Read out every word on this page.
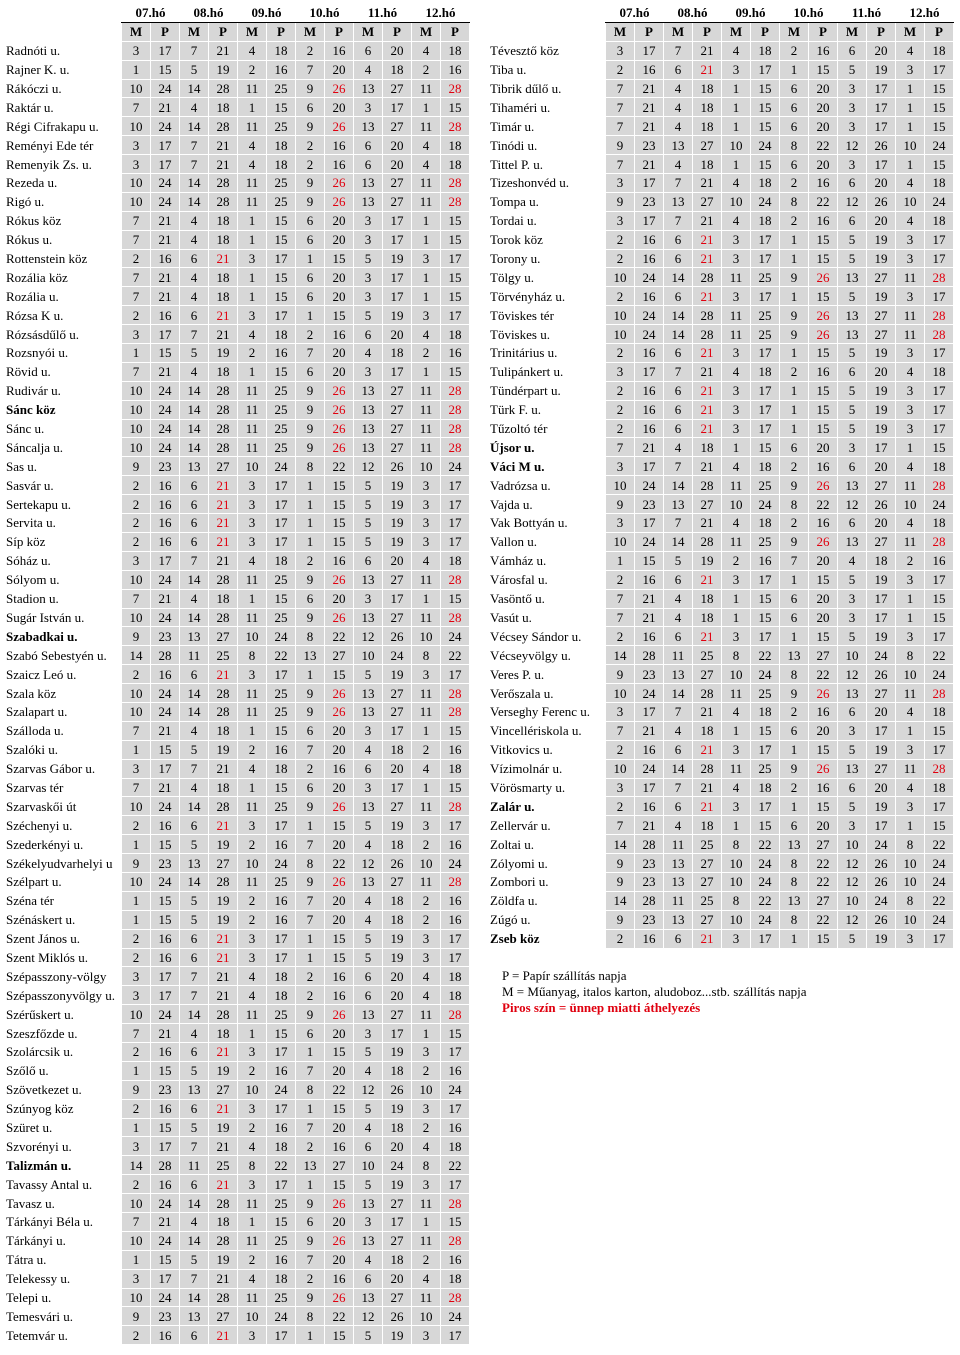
	07.hó		08.hó		09.hó		10.hó		11.hó		12.hó	
	M	P	M	P	M	P	M	P	M	P	M	P
Radnóti u.	3	17	7	21	4	18	2	16	6	20	4	18
Rajner K. u.	1	15	5	19	2	16	7	20	4	18	2	16
Rákóczi u.	10	24	14	28	11	25	9	26	13	27	11	28
Raktár u.	7	21	4	18	1	15	6	20	3	17	1	15
Régi Cifrakapu u.	10	24	14	28	11	25	9	26	13	27	11	28
Reményi Ede tér	3	17	7	21	4	18	2	16	6	20	4	18
Remenyik Zs. u.	3	17	7	21	4	18	2	16	6	20	4	18
Rezeda u.	10	24	14	28	11	25	9	26	13	27	11	28
Rigó u.	10	24	14	28	11	25	9	26	13	27	11	28
Rókus köz	7	21	4	18	1	15	6	20	3	17	1	15
Rókus u.	7	21	4	18	1	15	6	20	3	17	1	15
Rottenstein köz	2	16	6	21	3	17	1	15	5	19	3	17
Rozália köz	7	21	4	18	1	15	6	20	3	17	1	15
Rozália u.	7	21	4	18	1	15	6	20	3	17	1	15
Rózsa K u.	2	16	6	21	3	17	1	15	5	19	3	17
Rózsásdűlő u.	3	17	7	21	4	18	2	16	6	20	4	18
Rozsnyói u.	1	15	5	19	2	16	7	20	4	18	2	16
Rövid u.	7	21	4	18	1	15	6	20	3	17	1	15
Rudivár u.	10	24	14	28	11	25	9	26	13	27	11	28
Sánc köz	10	24	14	28	11	25	9	26	13	27	11	28
Sánc u.	10	24	14	28	11	25	9	26	13	27	11	28
Sáncalja u.	10	24	14	28	11	25	9	26	13	27	11	28
Sas u.	9	23	13	27	10	24	8	22	12	26	10	24
Sasvár u.	2	16	6	21	3	17	1	15	5	19	3	17
Sertekapu u.	2	16	6	21	3	17	1	15	5	19	3	17
Servita u.	2	16	6	21	3	17	1	15	5	19	3	17
Síp köz	2	16	6	21	3	17	1	15	5	19	3	17
Sóház u.	3	17	7	21	4	18	2	16	6	20	4	18
Sólyom u.	10	24	14	28	11	25	9	26	13	27	11	28
Stadion u.	7	21	4	18	1	15	6	20	3	17	1	15
Sugár István u.	10	24	14	28	11	25	9	26	13	27	11	28
Szabadkai u.	9	23	13	27	10	24	8	22	12	26	10	24
Szabó Sebestyén u.	14	28	11	25	8	22	13	27	10	24	8	22
Szaicz Leó u.	2	16	6	21	3	17	1	15	5	19	3	17
Szala köz	10	24	14	28	11	25	9	26	13	27	11	28
Szalapart u.	10	24	14	28	11	25	9	26	13	27	11	28
Szálloda u.	7	21	4	18	1	15	6	20	3	17	1	15
Szalóki u.	1	15	5	19	2	16	7	20	4	18	2	16
Szarvas Gábor u.	3	17	7	21	4	18	2	16	6	20	4	18
Szarvas tér	7	21	4	18	1	15	6	20	3	17	1	15
Szarvaskői út	10	24	14	28	11	25	9	26	13	27	11	28
Széchenyi u.	2	16	6	21	3	17	1	15	5	19	3	17
Szederkényi u.	1	15	5	19	2	16	7	20	4	18	2	16
Székelyudvarhelyi u	9	23	13	27	10	24	8	22	12	26	10	24
Szélpart u.	10	24	14	28	11	25	9	26	13	27	11	28
Széna tér	1	15	5	19	2	16	7	20	4	18	2	16
Szénáskert u.	1	15	5	19	2	16	7	20	4	18	2	16
Szent János u.	2	16	6	21	3	17	1	15	5	19	3	17
Szent Miklós u.	2	16	6	21	3	17	1	15	5	19	3	17
Szépasszony-völgy	3	17	7	21	4	18	2	16	6	20	4	18
Szépasszonyvölgy u.	3	17	7	21	4	18	2	16	6	20	4	18
Szérűskert u.	10	24	14	28	11	25	9	26	13	27	11	28
Szeszfőzde u.	7	21	4	18	1	15	6	20	3	17	1	15
Szolárcsik u.	2	16	6	21	3	17	1	15	5	19	3	17
Szőlő u.	1	15	5	19	2	16	7	20	4	18	2	16
Szövetkezet u.	9	23	13	27	10	24	8	22	12	26	10	24
Szúnyog köz	2	16	6	21	3	17	1	15	5	19	3	17
Szüret u.	1	15	5	19	2	16	7	20	4	18	2	16
Szvorényi u.	3	17	7	21	4	18	2	16	6	20	4	18
Talizmán u.	14	28	11	25	8	22	13	27	10	24	8	22
Tavassy Antal u.	2	16	6	21	3	17	1	15	5	19	3	17
Tavasz u.	10	24	14	28	11	25	9	26	13	27	11	28
Tárkányi Béla u.	7	21	4	18	1	15	6	20	3	17	1	15
Tárkányi u.	10	24	14	28	11	25	9	26	13	27	11	28
Tátra u.	1	15	5	19	2	16	7	20	4	18	2	16
Telekessy u.	3	17	7	21	4	18	2	16	6	20	4	18
Telepi u.	10	24	14	28	11	25	9	26	13	27	11	28
Temesvári u.	9	23	13	27	10	24	8	22	12	26	10	24
Tetemvár u.	2	16	6	21	3	17	1	15	5	19	3	17
	07.hó		08.hó		09.hó		10.hó		11.hó		12.hó	
	M	P	M	P	M	P	M	P	M	P	M	P
Tévesztő köz	3	17	7	21	4	18	2	16	6	20	4	18
Tiba u.	2	16	6	21	3	17	1	15	5	19	3	17
Tibrik dűlő u.	7	21	4	18	1	15	6	20	3	17	1	15
Tihaméri u.	7	21	4	18	1	15	6	20	3	17	1	15
Timár u.	7	21	4	18	1	15	6	20	3	17	1	15
Tinódi u.	9	23	13	27	10	24	8	22	12	26	10	24
Tittel P. u.	7	21	4	18	1	15	6	20	3	17	1	15
Tizeshonvéd u.	3	17	7	21	4	18	2	16	6	20	4	18
Tompa u.	9	23	13	27	10	24	8	22	12	26	10	24
Tordai u.	3	17	7	21	4	18	2	16	6	20	4	18
Torok köz	2	16	6	21	3	17	1	15	5	19	3	17
Torony u.	2	16	6	21	3	17	1	15	5	19	3	17
Tölgy u.	10	24	14	28	11	25	9	26	13	27	11	28
Törvényház u.	2	16	6	21	3	17	1	15	5	19	3	17
Töviskes tér	10	24	14	28	11	25	9	26	13	27	11	28
Töviskes u.	10	24	14	28	11	25	9	26	13	27	11	28
Trinitárius u.	2	16	6	21	3	17	1	15	5	19	3	17
Tulipánkert u.	3	17	7	21	4	18	2	16	6	20	4	18
Tündérpart u.	2	16	6	21	3	17	1	15	5	19	3	17
Türk F. u.	2	16	6	21	3	17	1	15	5	19	3	17
Tűzoltó tér	2	16	6	21	3	17	1	15	5	19	3	17
Újsor u.	7	21	4	18	1	15	6	20	3	17	1	15
Váci M u.	3	17	7	21	4	18	2	16	6	20	4	18
Vadrózsa u.	10	24	14	28	11	25	9	26	13	27	11	28
Vajda u.	9	23	13	27	10	24	8	22	12	26	10	24
Vak Bottyán u.	3	17	7	21	4	18	2	16	6	20	4	18
Vallon u.	10	24	14	28	11	25	9	26	13	27	11	28
Vámház u.	1	15	5	19	2	16	7	20	4	18	2	16
Városfal u.	2	16	6	21	3	17	1	15	5	19	3	17
Vasöntő u.	7	21	4	18	1	15	6	20	3	17	1	15
Vasút u.	7	21	4	18	1	15	6	20	3	17	1	15
Vécsey Sándor u.	2	16	6	21	3	17	1	15	5	19	3	17
Vécseyvölgy u.	14	28	11	25	8	22	13	27	10	24	8	22
Veres P. u.	9	23	13	27	10	24	8	22	12	26	10	24
Verőszala u.	10	24	14	28	11	25	9	26	13	27	11	28
Verseghy Ferenc u.	3	17	7	21	4	18	2	16	6	20	4	18
Vincellériskola u.	7	21	4	18	1	15	6	20	3	17	1	15
Vitkovics u.	2	16	6	21	3	17	1	15	5	19	3	17
Vízimolnár u.	10	24	14	28	11	25	9	26	13	27	11	28
Vörösmarty u.	3	17	7	21	4	18	2	16	6	20	4	18
Zalár u.	2	16	6	21	3	17	1	15	5	19	3	17
Zellervár u.	7	21	4	18	1	15	6	20	3	17	1	15
Zoltai u.	14	28	11	25	8	22	13	27	10	24	8	22
Zólyomi u.	9	23	13	27	10	24	8	22	12	26	10	24
Zombori u.	9	23	13	27	10	24	8	22	12	26	10	24
Zöldfa u.	14	28	11	25	8	22	13	27	10	24	8	22
Zúgó u.	9	23	13	27	10	24	8	22	12	26	10	24
Zseb köz	2	16	6	21	3	17	1	15	5	19	3	17
P = Papír szállítás napja
M = Műanyag, italos karton, aludoboz...stb. szállítás napja
Piros szín = ünnep miatti áthelyezés
